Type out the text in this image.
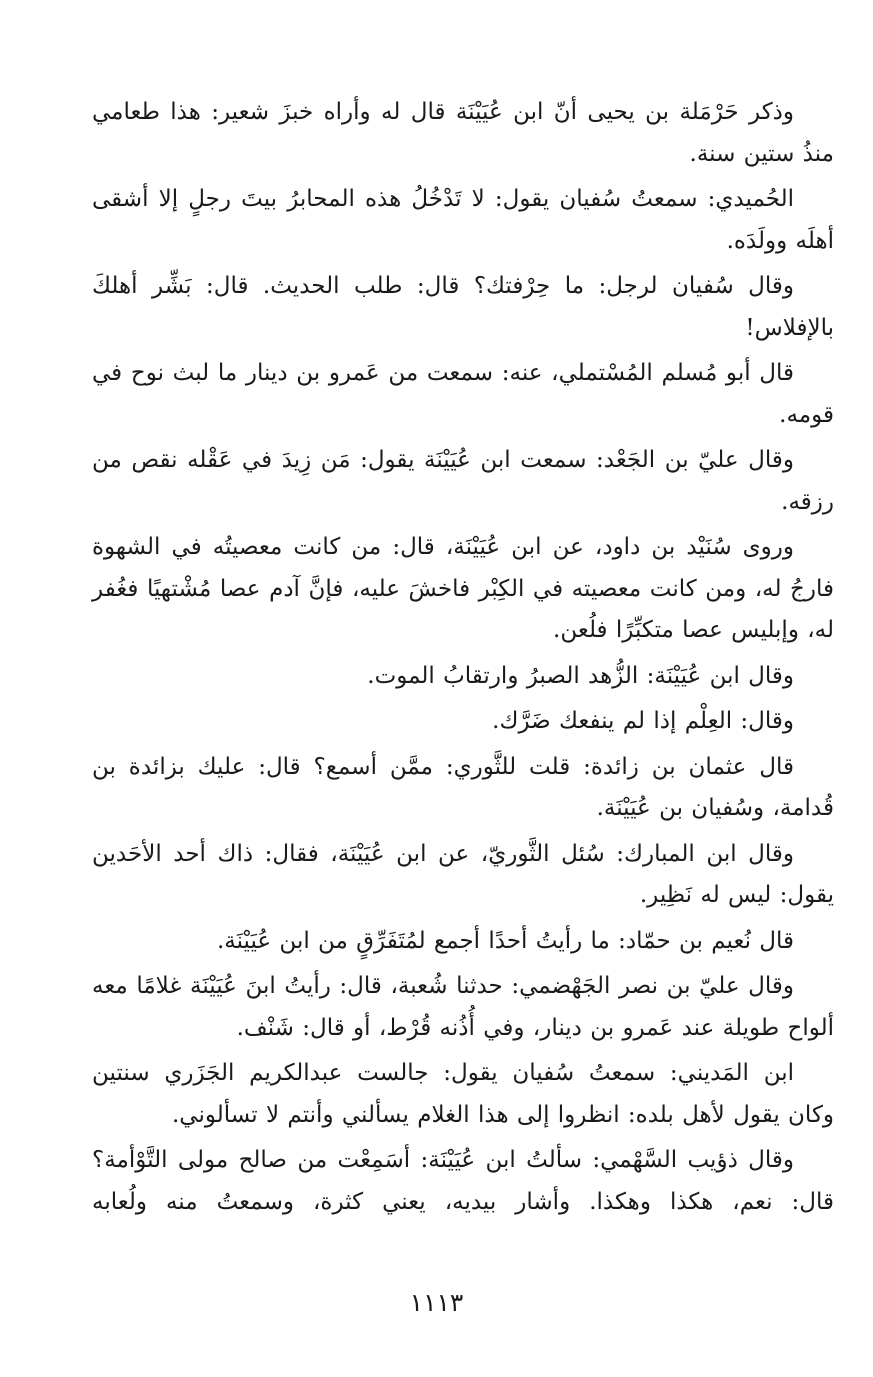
وذكر حَرْمَلة بن يحيى أنّ ابن عُيَيْنَة قال له وأراه خبزَ شعير: هذا طعامي منذُ ستين سنة.

الحُميدي: سمعتُ سُفيان يقول: لا تَدْخُلُ هذه المحابرُ بيتَ رجلٍ إلا أشقى أهلَه وولَدَه.

وقال سُفيان لرجل: ما حِرْفتك؟ قال: طلب الحديث. قال: بَشِّر أهلكَ بالإفلاس!

قال أبو مُسلم المُسْتملي، عنه: سمعت من عَمرو بن دينار ما لبث نوح في قومه.

وقال عليّ بن الجَعْد: سمعت ابن عُيَيْنَة يقول: مَن زِيدَ في عَقْله نقص من رزقه.

وروى سُنَيْد بن داود، عن ابن عُيَيْنَة، قال: من كانت معصيتُه في الشهوة فارجُ له، ومن كانت معصيته في الكِبْر فاخشَ عليه، فإنَّ آدم عصا مُشْتهيًا فغُفر له، وإبليس عصا متكبِّرًا فلُعن.

وقال ابن عُيَيْنَة: الزُّهد الصبرُ وارتقابُ الموت.

وقال: العِلْم إذا لم ينفعك ضَرَّك.

قال عثمان بن زائدة: قلت للثَّوري: ممَّن أسمع؟ قال: عليك بزائدة بن قُدامة، وسُفيان بن عُيَيْنَة.

وقال ابن المبارك: سُئل الثَّوريّ، عن ابن عُيَيْنَة، فقال: ذاك أحد الأحَدين يقول: ليس له نَظِير.

قال نُعيم بن حمّاد: ما رأيتُ أحدًا أجمع لمُتَفَرِّقٍ من ابن عُيَيْنَة.

وقال عليّ بن نصر الجَهْضمي: حدثنا شُعبة، قال: رأيتُ ابنَ عُيَيْنَة غلامًا معه ألواح طويلة عند عَمرو بن دينار، وفي أُذُنه قُرْط، أو قال: شَنْف.

ابن المَديني: سمعتُ سُفيان يقول: جالست عبدالكريم الجَزَري سنتين وكان يقول لأهل بلده: انظروا إلى هذا الغلام يسألني وأنتم لا تسألوني.

وقال ذؤيب السَّهْمي: سألتُ ابن عُيَيْنَة: أسَمِعْت من صالح مولى التَّوْأمة؟ قال: نعم، هكذا وهكذا. وأشار بيديه، يعني كثرة، وسمعتُ منه ولُعابه

١١١٣
